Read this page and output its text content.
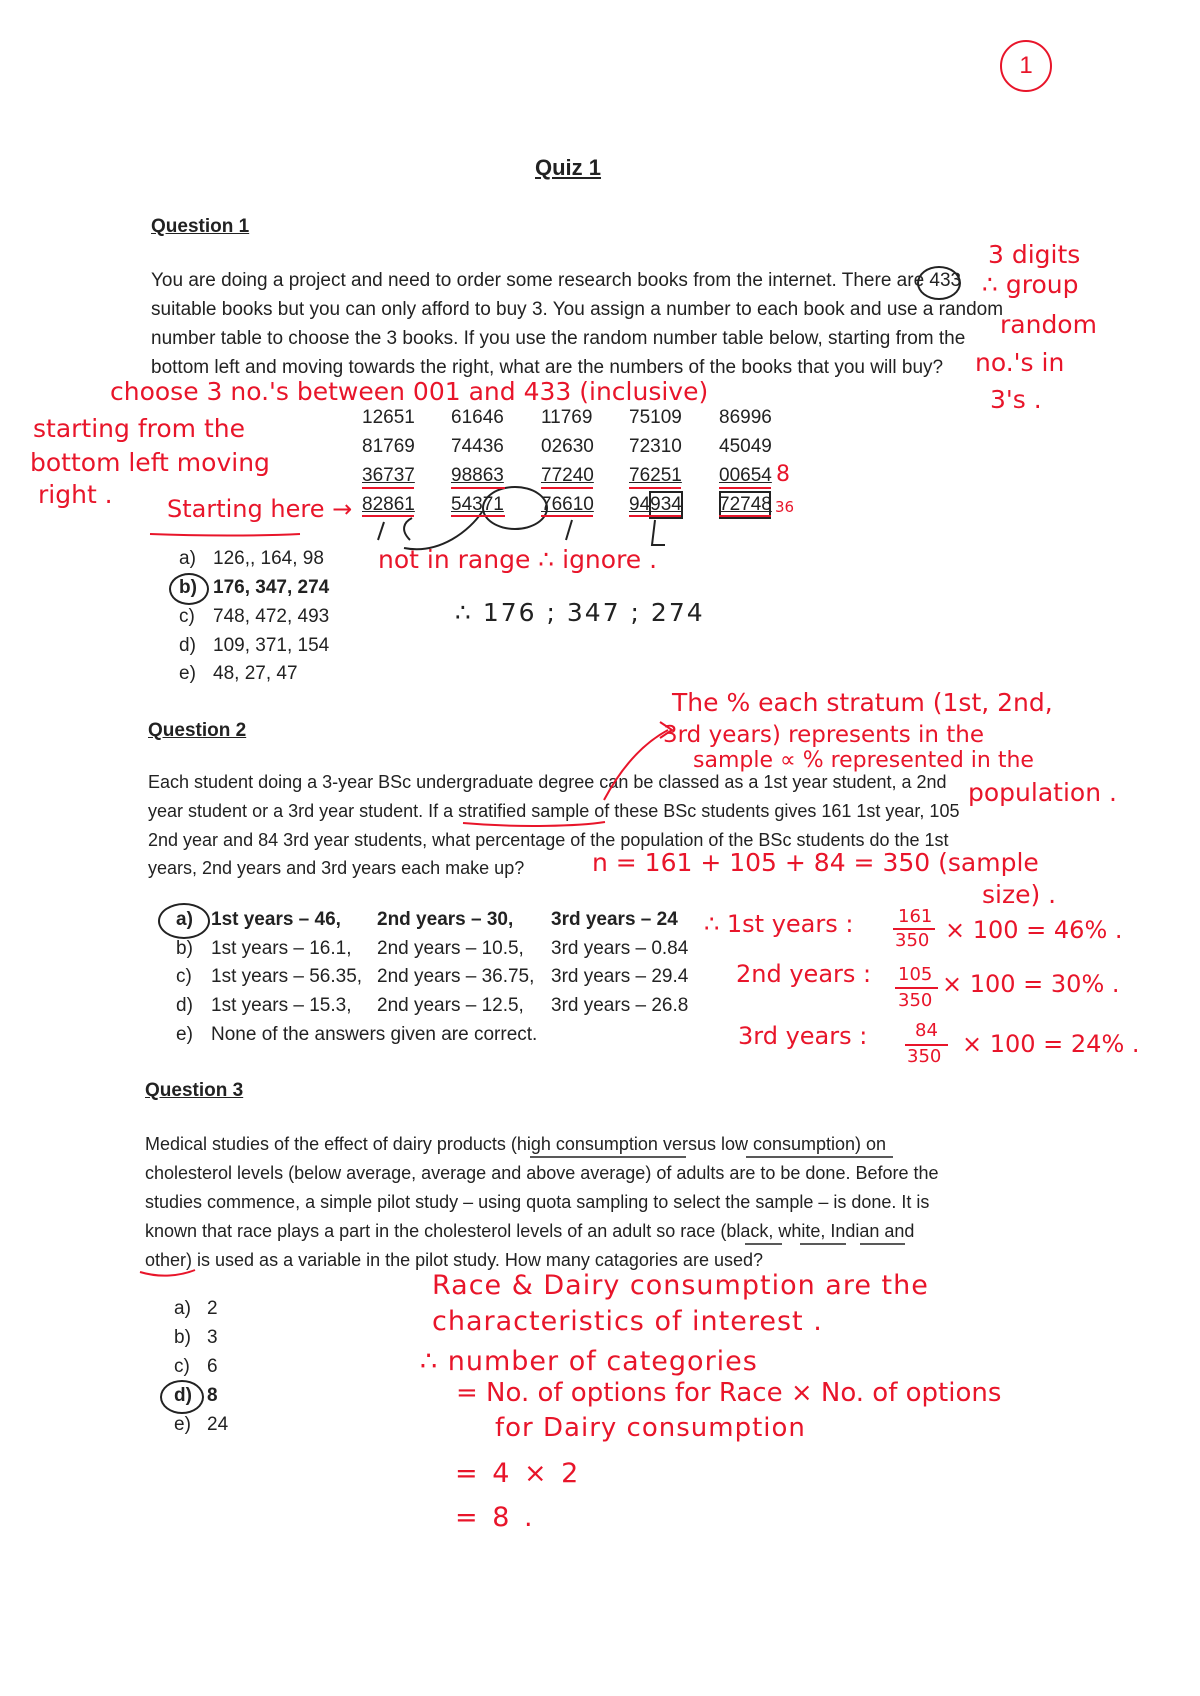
1
Quiz 1
Question 1
You are doing a project and need to order some research books from the internet. There are 433
suitable books but you can only afford to buy 3. You assign a number to each book and use a random
number table to choose the 3 books. If you use the random number table below, starting from the
bottom left and moving towards the right, what are the numbers of the books that you will buy?
3 digits
∴ group
random
no.'s in
3's .
choose 3 no.'s between 001 and 433 (inclusive)
starting from the
bottom left moving
right . Starting here →
12651 61646 11769 75109 86996
81769 74436 02630 72310 45049
36737 98863 77240 76251 00654 8
82861 54371 76610 94934 72748 36
not in range ∴ ignore .
∴ 176 ; 347 ; 274
a) 126,, 164, 98
b) 176, 347, 274
c) 748, 472, 493
d) 109, 371, 154
e) 48, 27, 47
Question 2
The % each stratum (1st, 2nd,
3rd years) represents in the
sample ∝ % represented in the
population .
Each student doing a 3-year BSc undergraduate degree can be classed as a 1st year student, a 2nd
year student or a 3rd year student. If a stratified sample of these BSc students gives 161 1st year, 105
2nd year and 84 3rd year students, what percentage of the population of the BSc students do the 1st
years, 2nd years and 3rd years each make up?	n = 161 + 105 + 84 = 350 (sample
size) .
a) 1st years – 46, 2nd years – 30, 3rd years – 24
b) 1st years – 16.1, 2nd years – 10.5, 3rd years – 0.84
c) 1st years – 56.35, 2nd years – 36.75, 3rd years – 29.4
d) 1st years – 15.3, 2nd years – 12.5, 3rd years – 26.8
e) None of the answers given are correct.
∴ 1st years : 161
350 × 100 = 46% .
2nd years : 105
350
× 100 = 30% .
3rd years :	84
350 × 100 = 24% .
Question 3
Medical studies of the effect of dairy products (high consumption versus low consumption) on
cholesterol levels (below average, average and above average) of adults are to be done. Before the
studies commence, a simple pilot study – using quota sampling to select the sample – is done. It is
known that race plays a part in the cholesterol levels of an adult so race (black, white, Indian and
other) is used as a variable in the pilot study. How many catagories are used?
a) 2
b) 3
c) 6
d) 8
e) 24
Race & Dairy consumption are the
characteristics of interest .
∴ number of categories
= No. of options for Race × No. of options
for Dairy consumption
= 4 × 2
= 8 .
